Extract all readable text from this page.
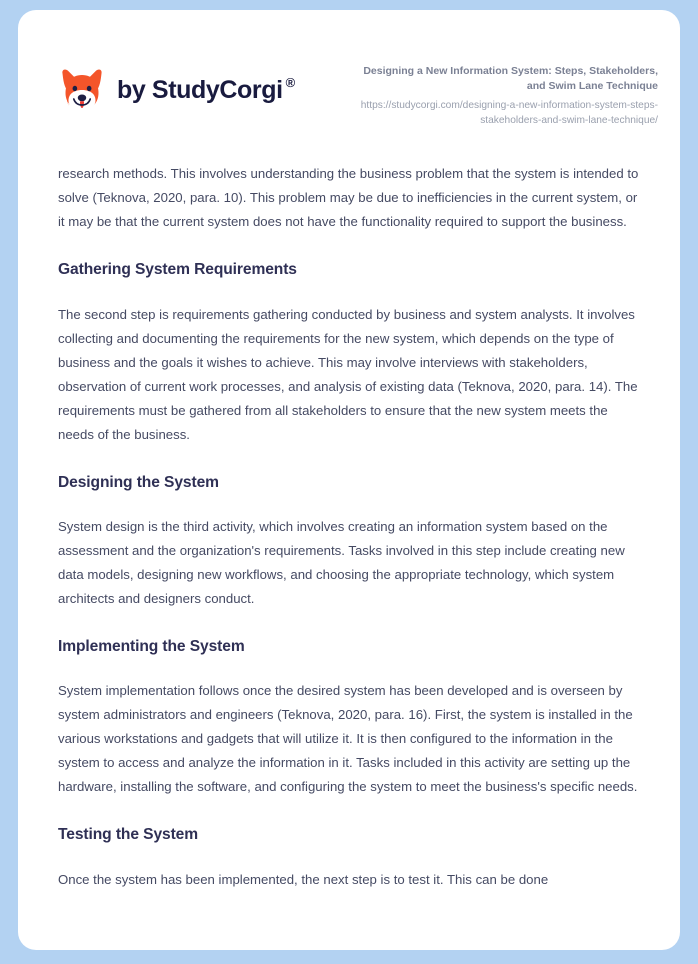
by StudyCorgi ®

Designing a New Information System: Steps, Stakeholders, and Swim Lane Technique

https://studycorgi.com/designing-a-new-information-system-steps-stakeholders-and-swim-lane-technique/

research methods. This involves understanding the business problem that the system is intended to solve (Teknova, 2020, para. 10). This problem may be due to inefficiencies in the current system, or it may be that the current system does not have the functionality required to support the business.

Gathering System Requirements

The second step is requirements gathering conducted by business and system analysts. It involves collecting and documenting the requirements for the new system, which depends on the type of business and the goals it wishes to achieve. This may involve interviews with stakeholders, observation of current work processes, and analysis of existing data (Teknova, 2020, para. 14). The requirements must be gathered from all stakeholders to ensure that the new system meets the needs of the business.

Designing the System

System design is the third activity, which involves creating an information system based on the assessment and the organization's requirements. Tasks involved in this step include creating new data models, designing new workflows, and choosing the appropriate technology, which system architects and designers conduct.

Implementing the System

System implementation follows once the desired system has been developed and is overseen by system administrators and engineers (Teknova, 2020, para. 16). First, the system is installed in the various workstations and gadgets that will utilize it. It is then configured to the information in the system to access and analyze the information in it. Tasks included in this activity are setting up the hardware, installing the software, and configuring the system to meet the business's specific needs.

Testing the System

Once the system has been implemented, the next step is to test it. This can be done
